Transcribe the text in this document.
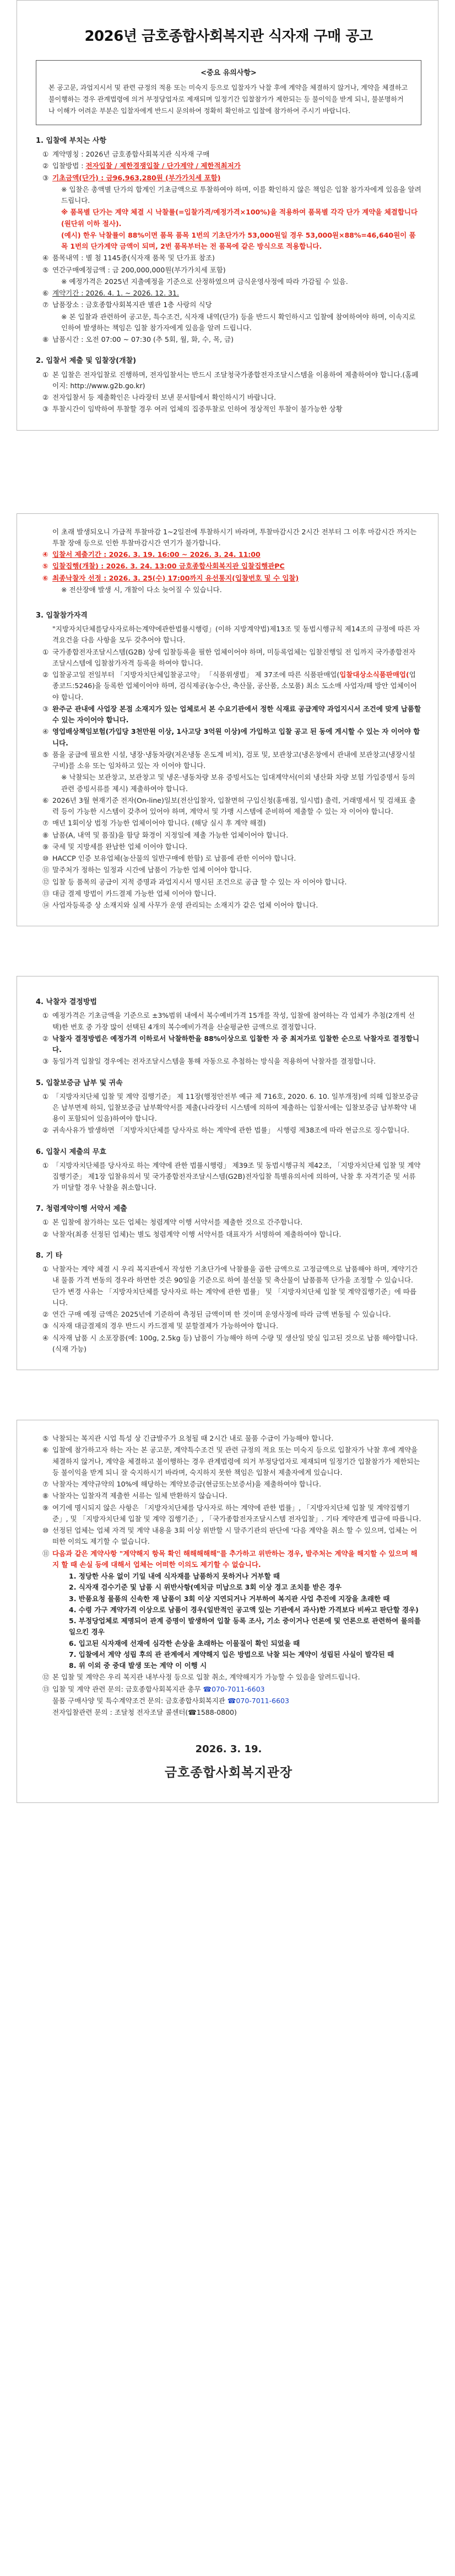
2026년 금호종합사회복지관 식자재 구매 공고
<중요 유의사항>

본 공고문, 과업지시서 및 관련 규정의 적용 또는 미숙지 등으로 입찰자가 낙찰 후에 계약을 체결하지 않거나, 계약을 체결하고 불이행하는 경우 관계법령에 의거 부정당업자로 제재되며 일정기간 입찰참가가 제한되는 등 불이익을 받게 되니, 불분명하거나 이해가 어려운 부분은 입찰자에게 반드시 문의하여 정확히 확인하고 입찰에 참가하여 주시기 바랍니다.

1. 입찰에 부치는 사항
① 계약명칭 : 2026년 금호종합사회복지관 식자재 구매
② 입찰방법 : 전자입찰 / 제한경쟁입찰 / 단가계약 / 제한적최저가
③ 기초금액(단가) : 금96,963,280원 (부가가치세 포함)
※ 입찰은 총액별 단가의 합계인 기초금액으로 투찰하여야 하며, 이를 확인하지 않은 책임은 입찰 참가자에게 있음을 알려드립니다.
※ 품목별 단가는 계약 체결 시 낙찰률(=입찰가격/예정가격×100%)을 적용하여 품목별 각각 단가 계약을 체결합니다(원단위 이하 절사).
(예시) 한우 낙찰률이 88%이면 품목 품목 1번의 기초단가가 53,000원일 경우 53,000원×88%=46,640원이 품목 1번의 단가계약 금액이 되며, 2번 품목부터는 전 품목에 같은 방식으로 적용합니다.
④ 품목내역 : 별 첨 1145종(식자재 품목 및 단가표 참조)
⑤ 연간구매예정금액 : 금 200,000,000원(부가가치세 포함)
※ 예정가격은 2025년 지출예정을 기준으로 산정하였으며 금식운영사정에 따라 가감될 수 있음.
⑥ 계약기간 : 2026. 4. 1. ~ 2026. 12. 31.
⑦ 납품장소 : 금호종합사회복지관 별관 1층 사랑의 식당
※ 본 입찰과 관련하여 공고문, 특수조건, 식자재 내역(단가) 등을 반드시 확인하시고 입찰에 참여하여야 하며, 이속지로 인하여 발생하는 책임은 입찰 참가자에게 있음을 알려 드립니다.
⑧ 납품시간 : 오전 07:00 ~ 07:30 (추 5회, 월, 화, 수, 목, 금)
2. 입찰서 제출 및 입찰장(개찰)
① 본 입찰은 전자입찰로 진행하며, 전자입찰서는 반드시 조달청국가종합전자조달시스템을 이용하여 제출하여야 합니다.(홈페이지: http://www.g2b.go.kr)
② 전자입찰서 등 제출확인은 나라장터 보낸 문서함에서 확인하시기 바랍니다.
③ 투찰시간이 임박하여 투찰할 경우 여러 업체의 집중투찰로 인하여 정상적인 투찰이 불가능한 상황
이 초래 발생되오니 가급적 투찰마감 1~2일전에 투찰하시기 바라며, 투찰마감시간 2시간 전부터 그 이후 마감시간 까지는 투찰 장애 등으로 인한 투찰마감시간 연기가 불가합니다.
④ 입찰서 제출기간 : 2026. 3. 19. 16:00 ~ 2026. 3. 24. 11:00
⑤ 입찰집행(개찰) : 2026. 3. 24. 13:00 금호종합사회복지관 입찰집행관PC
⑥ 최종낙찰자 선정 : 2026. 3. 25(수) 17:00까지 유선통지(입찰번호 및 수 입찰)
※ 전산장애 발생 시, 개찰이 다소 늦어질 수 있습니다.
3. 입찰참가자격
"지방자치단체를당사자로하는계약에관한법률시행령」(이하 지방계약법)제13조 및 동법시행규칙 제14조의 규정에 따른 자격요건을 다음 사항을 모두 갖추어야 합니다.
① 국가종합전자조달시스템(G2B) 상에 입찰등록을 필한 업체이어야 하며, 미등록업체는 입찰진행일 전 입까지 국가종합전자조달시스템에 입찰참가자격 등록을 하여야 합니다.
② 입찰공고일 전일부터 「지방자치단체입찰공고약」 「식품위생법」 제 37조에 따른 식품판매업(입찰대상소식품판매업(업종코드:5246)을 등록한 업체이어야 하며, 검식제공(농수산, 축산물, 공산품, 소모품) 최소 도소매 사업자/해 방안 업체이어야 합니다.
③ 완주군 관내에 사업장 본점 소재지가 있는 업체로서 본 수요기관에서 정한 식재료 공급계약 과업지시서 조건에 맞게 납품할 수 있는 자이어야 합니다.
④ 영업배상책임보험(가입당 3천만원 이상, 1사고당 3억원 이상)에 가입하고 입찰 공고 된 동에 게시할 수 있는 자 이어야 합니다.
⑤ 품을 공급에 필요한 시설, 냉장·냉동차량(저온냉동 온도계 비치), 검포 및, 보관창고(냉온창에서 관내에 보관창고(냉장시설 구비)를 소유 또는 임차하고 있는 자 이어야 합니다.
※ 낙찰되는 보관창고, 보관창고 및 냉온·냉동차량 보유 증빙서도는 입대계약서(이외 냉산화 차량 보험 가입증명서 등의 관련 증빙서류를 제시) 제출하여야 합니다.
⑥ 2026년 3월 현재기준 전자(On-line)일보(전산입찰자, 입찰면허 구입신청(홍매점, 일시법) 출력, 거래명세서 및 검채표 출력 등이 가능한 시스템이 갖추어 있어야 하며, 계약서 및 가맹 시스템에 준비하여 제출할 수 있는 자 이어야 합니다.
⑦ 매년 1회이상 법정 가능한 업체이어야 합니다. (해당 실시 후 계약 해결)
⑧ 납품(A, 내역 및 품질)을 함당 화경이 지정일에 제출 가능한 업체이어야 합니다.
⑨ 국세 및 지방세를 완납한 업체 이어야 합니다.
⑩ HACCP 인증 보유업체(농산물의 일반구매에 한함) 로 납품에 관한 이어야 합니다.
⑪ 말주처가 정하는 일정과 시간에 납품이 가능한 업체 이어야 합니다.
⑫ 입찰 등 품목의 공급이 지적 증명과 과업지시서 명시된 조건으로 공급 할 수 있는 자 이어야 합니다.
⑬ 대금 결제 방법이 카드결제 가능한 업체 이어야 합니다.
⑭ 사업자등록증 상 소재지와 실제 사무가 운영 관리되는 소재지가 같은 업체 이어야 합니다.
4. 낙찰자 결정방법
① 예정가격은 기초금액을 기준으로 ±3%범위 내에서 복수예비가격 15개를 작성, 입찰에 참여하는 각 업체가 추첨(2개씩 선택)한 번호 중 가장 많이 선택된 4개의 복수예비가격을 산술평균한 금액으로 결정합니다.
② 낙찰자 결정방법은 예정가격 이하로서 낙찰하한율 88%이상으로 입찰한 자 중 최저가로 입찰한 순으로 낙찰자로 결정합니다.
③ 동일가격 입찰일 경우에는 전자조달시스템을 통해 자동으로 추첨하는 방식을 적용하여 낙찰자를 결정합니다.
5. 입찰보증금 납부 및 귀속
① 「지방자치단체 입찰 및 계약 집행기준」 제 11장(행정안전부 예규 제 716호, 2020. 6. 10. 일부개정)에 의해 입찰보증금은 납부면제 하되, 입찰보증금 납부확약서를 제출(나라장터 시스템에 의하여 제출하는 입찰서에는 입찰보증금 납부확약 내용이 포함되어 있음)하여야 합니다.
② 귀속사유가 발생하면 「지방자치단체를 당사자로 하는 계약에 관한 법률」 시행령 제38조에 따라 현금으로 징수합니다.
6. 입찰시 제출의 무효
① 「지방자치단체를 당사자로 하는 계약에 관한 법률시행령」 제39조 및 동법시행규칙 제42조, 「지방자치단체 입찰 및 계약 집행기준」 제1장 입찰유의서 및 국가종합전자조달시스템(G2B)전자입찰 특별유의서에 의하여, 낙찰 후 자격기준 및 서류가 미달할 경우 낙찰을 취소합니다.
7. 청렴계약이행 서약서 제출
① 본 입찰에 참가하는 모든 업체는 청렴계약 이행 서약서를 제출한 것으로 간주합니다.
② 낙찰자(최종 선정된 업체)는 별도 청렴계약 이행 서약서를 대표자가 서명하여 제출하여야 합니다.
8. 기 타
① 낙찰자는 계약 체결 시 우리 복지관에서 작성한 기초단가에 낙찰률을 곱한 금액으로 고정금액으로 납품해야 하며, 계약기간 내 물품 가격 변동의 경우라 하면한 것은 90일을 기준으로 하여 불선물 및 축산물이 납품품목 단가을 조정할 수 있습니다. 단가 변경 사유는 「지방자치단체를 당사자로 하는 계약에 관한 법률」 및 「지방자치단체 입찰 및 계약집행기준」에 따릅니다.
② 연간 구매 예정 금액은 2025년에 기준하여 측정된 금액이며 한 것이며 운영사정에 따라 금액 변동될 수 있습니다.
③ 식자재 대금결제의 경우 반드시 카드결제 및 분할결제가 가능하여야 합니다.
④ 식자재 납품 시 소포장품(예: 100g, 2.5kg 등) 납품이 가능해야 하며 수량 및 생산일 맞실 입고된 것으로 납품 해야합니다.(식재 가능)
⑤ 낙찰되는 복지관 시업 특성 상 긴급발주가 요청될 때 2시간 내로 물품 수급이 가능해야 합니다.
⑥ 입찰에 참가하고자 하는 자는 본 공고문, 계약특수조건 및 관련 규정의 적요 또는 미숙지 등으로 입찰자가 낙찰 후에 계약을 체결하지 않거나, 계약을 체결하고 불이행하는 경우 관계법령에 의거 부정당업자로 제재되며 일정기간 입찰참가가 제한되는 등 불이익을 받게 되니 잘 숙지하시기 바라며, 숙지하지 못한 책임은 입찰서 제출자에게 있습니다.
⑦ 낙찰자는 계약규약의 10%에 해당하는 계약보증금(현금또는보증서)을 제출하여야 합니다.
⑧ 낙찰자는 입찰자격 제출한 서류는 일체 반환하지 않습니다.
⑨ 여기에 명시되지 않은 사항은 「지방자치단체를 당사자로 하는 계약에 관한 법률」, 「지방자치단체 입찰 및 계약집행기준」, 및 「지방자치단체 입찰 및 계약 집행기준」, 「국가종합전자조달시스템 전자입찰」. 기타 계약관계 법규에 따릅니다.
⑩ 선정된 업체는 업체 자격 및 계약 내용을 3회 이상 위반할 시 말주기관의 판단에 '다음 계약을 취소 할 수 있으며, 업체는 어떠한 이의도 제기할 수 없습니다.
⑪ 다음과 같은 계약사항 "계약해지 항목 확인 해해해해해"를 추가하고 위반하는 경우, 발주처는 계약을 해지할 수 있으며 해지 할 때 손실 등에 대해서 업체는 어떠한 이의도 제기할 수 없습니다.
1. 정당한 사유 없이 기일 내에 식자재를 납품하지 못하거나 거부할 때
2. 식자재 검수기준 및 납품 시 위반사항(예치금 미납으로 3회 이상 경고 조치를 받은 경우
3. 반품요청 물품의 신속한 재 납품이 3회 이상 지연되거나 거부하여 복지관 사업 추진에 지장을 초래한 때
4. 수령 가구 계약가격 이상으로 남품이 경우(일반적인 공고액 있는 기관에서 과사)한 가격보다 비싸고 판단할 경우)
5. 부정당업체로 제명되어 관계 증명이 발생하여 입찰 등록 조사, 기소 중이거나 언론에 및 언론으로 관련하여 물의를 일으킨 경우
6. 입고된 식자재에 선재에 심각한 손상을 초래하는 이물질이 확인 되었을 때
7. 입찰에서 계약 성립 후의 관 관계에서 계약해지 입은 방법으로 낙찰 되는 계약이 성립된 사실이 발각된 때
8. 위 이외 중 중대 발생 또는 계약 이 이행 시
⑫ 본 입찰 및 계약은 우리 복지관 내부사정 등으로 입찰 취소, 계약해지가 가능할 수 있음을 알려드립니다.
⑬ 입찰 및 계약 관련 문의: 금호종합사회복지관 총무 ☎070-7011-6603
물품 구매사양 및 특수계약조건 문의: 금호종합사회복지관 ☎070-7011-6603
전자입찰관련 문의 : 조달청 전자조달 콜센터(☎1588-0800)
2026. 3. 19.
금호종합사회복지관장
